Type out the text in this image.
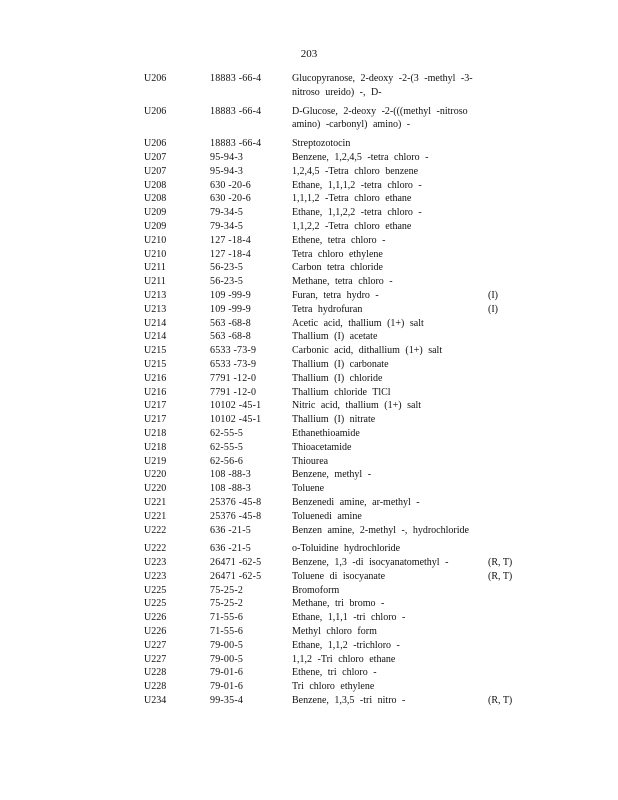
203
U206	18883 -66-4	Glucopyranose, 2-deoxy -2-(3 -methyl -3-nitroso ureido) -, D-
U206	18883 -66-4	D-Glucose, 2-deoxy -2-(((methyl -nitroso amino) -carbonyl) amino) -
U206	18883 -66-4	Streptozotocin
U207	95-94-3	Benzene, 1,2,4,5 -tetra chloro -
U207	95-94-3	1,2,4,5 -Tetra chloro benzene
U208	630 -20-6	Ethane, 1,1,1,2 -tetra chloro -
U208	630 -20-6	1,1,1,2 -Tetra chloro ethane
U209	79-34-5	Ethane, 1,1,2,2 -tetra chloro -
U209	79-34-5	1,1,2,2 -Tetra chloro ethane
U210	127 -18-4	Ethene, tetra chloro -
U210	127 -18-4	Tetra chloro ethylene
U211	56-23-5	Carbon tetra chloride
U211	56-23-5	Methane, tetra chloro -
U213	109 -99-9	Furan, tetra hydro -	(I)
U213	109 -99-9	Tetra hydrofuran	(I)
U214	563 -68-8	Acetic acid, thallium (1+) salt
U214	563 -68-8	Thallium (I) acetate
U215	6533 -73-9	Carbonic acid, dithallium (1+) salt
U215	6533 -73-9	Thallium (I) carbonate
U216	7791 -12-0	Thallium (I) chloride
U216	7791 -12-0	Thallium chloride TlCl
U217	10102 -45-1	Nitric acid, thallium (1+) salt
U217	10102 -45-1	Thallium (I) nitrate
U218	62-55-5	Ethanethioamide
U218	62-55-5	Thioacetamide
U219	62-56-6	Thiourea
U220	108 -88-3	Benzene, methyl -
U220	108 -88-3	Toluene
U221	25376 -45-8	Benzenedi amine, ar-methyl -
U221	25376 -45-8	Toluenedi amine
U222	636 -21-5	Benzen amine, 2-methyl -, hydrochloride
U222	636 -21-5	o-Toluidine hydrochloride
U223	26471 -62-5	Benzene, 1,3 -di isocyanatomethyl -	(R, T)
U223	26471 -62-5	Toluene di isocyanate	(R, T)
U225	75-25-2	Bromoform
U225	75-25-2	Methane, tri bromo -
U226	71-55-6	Ethane, 1,1,1 -tri chloro -
U226	71-55-6	Methyl chloro form
U227	79-00-5	Ethane, 1,1,2 -trichloro -
U227	79-00-5	1,1,2 -Tri chloro ethane
U228	79-01-6	Ethene, tri chloro -
U228	79-01-6	Tri chloro ethylene
U234	99-35-4	Benzene, 1,3,5 -tri nitro -	(R, T)
